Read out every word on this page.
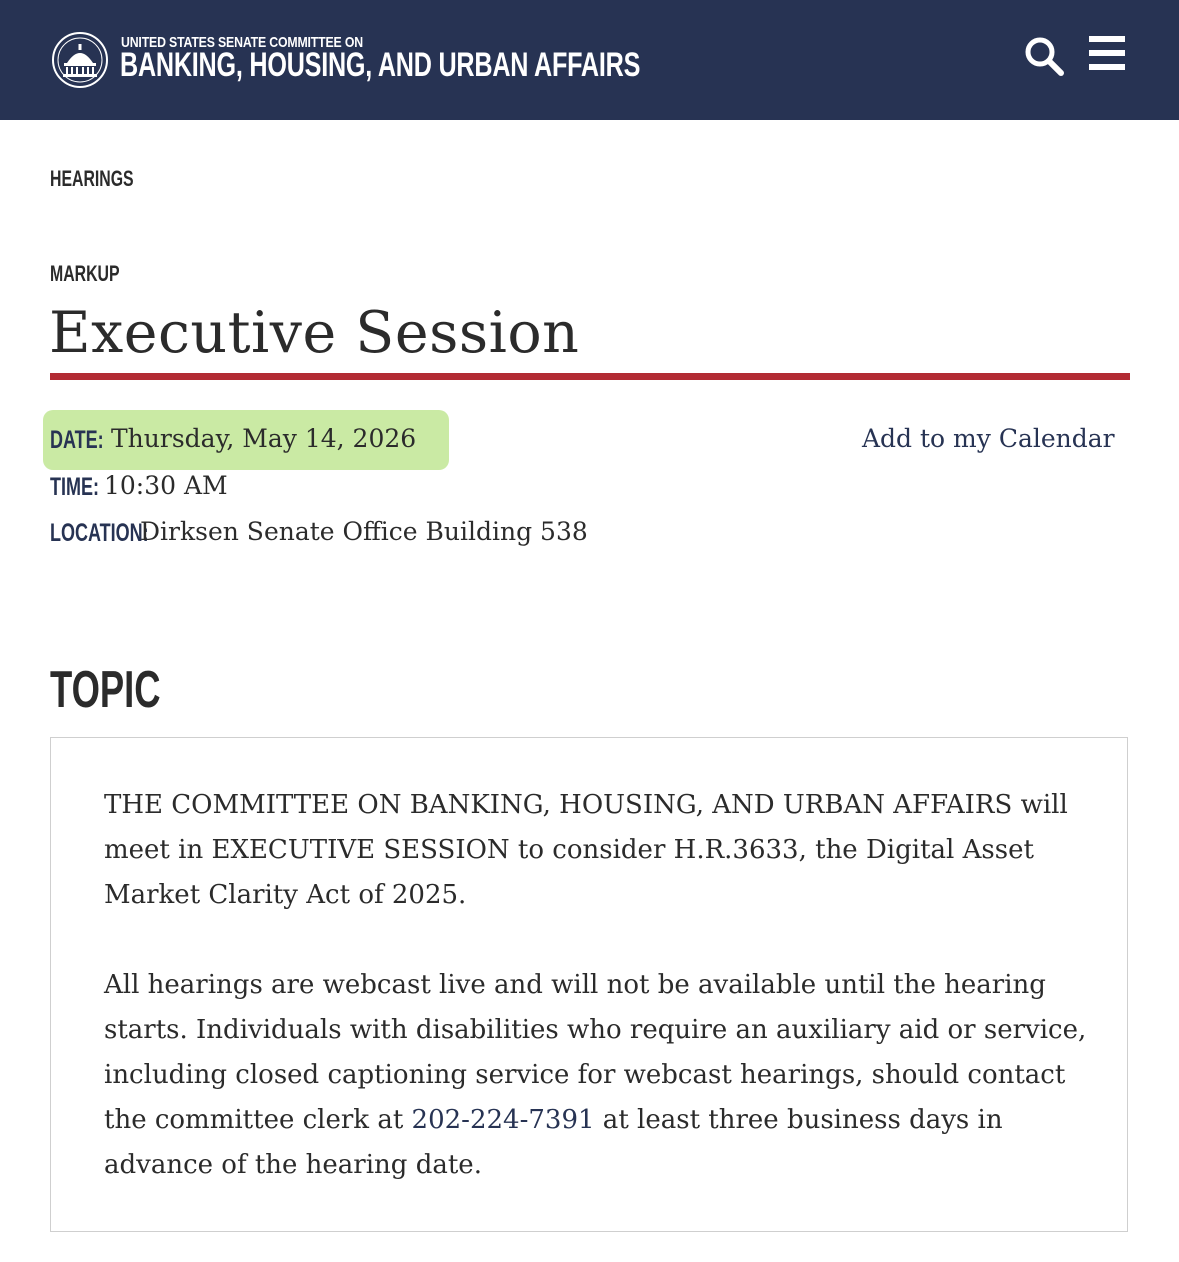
UNITED STATES SENATE COMMITTEE ON
BANKING, HOUSING, AND URBAN AFFAIRS
HEARINGS
MARKUP
Executive Session
DATE: Thursday, May 14, 2026	Add to my Calendar
TIME: 10:30 AM
LOCATION:
Dirksen Senate Office Building 538
TOPIC

THE COMMITTEE ON BANKING, HOUSING, AND URBAN AFFAIRS will meet in EXECUTIVE SESSION to consider H.R.3633, the Digital Asset Market Clarity Act of 2025.

All hearings are webcast live and will not be available until the hearing starts. Individuals with disabilities who require an auxiliary aid or service, including closed captioning service for webcast hearings, should contact the committee clerk at 202-224-7391 at least three business days in advance of the hearing date.
